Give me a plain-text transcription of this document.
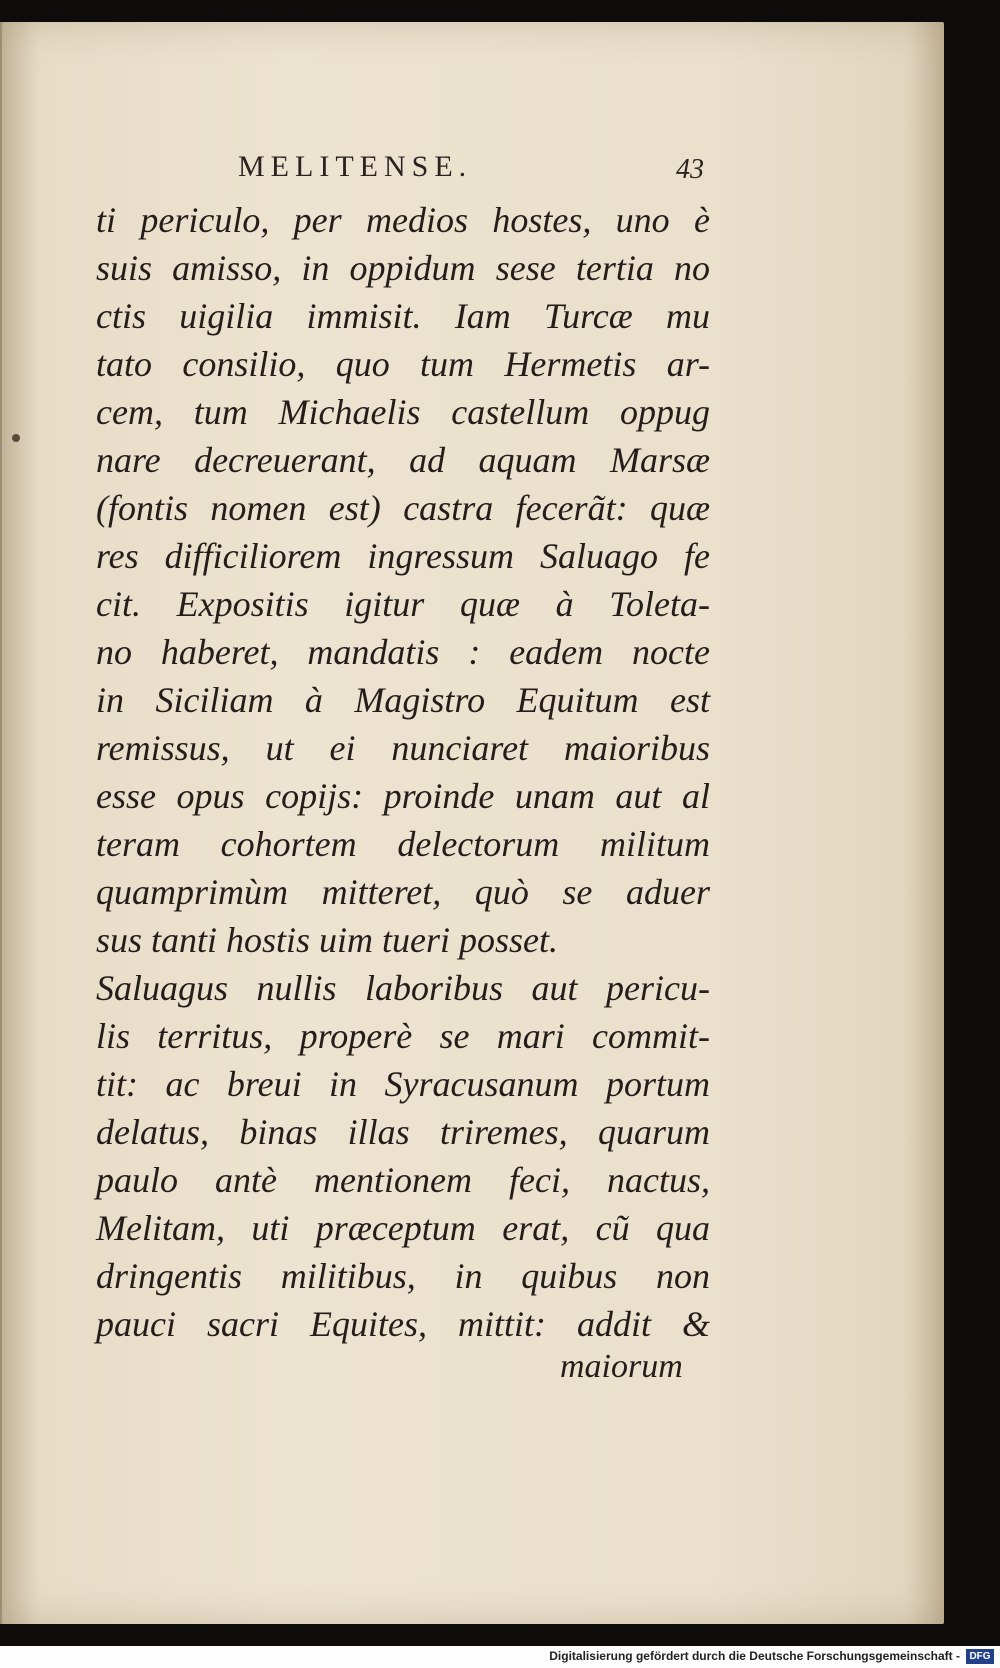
MELITENSE.	43
ti periculo, per medios hostes, uno è
suis amisso, in oppidum sese tertia no
ctis uigilia immisit. Iam Turcæ mu
tato consilio, quo tum Hermetis ar-
cem, tum Michaelis castellum oppug
nare decreuerant, ad aquam Marsæ
(fontis nomen est) castra fecerãt: quæ
res difficiliorem ingressum Saluago fe
cit. Expositis igitur quæ à Toleta-
no haberet, mandatis : eadem nocte
in Siciliam à Magistro Equitum est
remissus, ut ei nunciaret maioribus
esse opus copijs: proinde unam aut al
teram cohortem delectorum militum
quamprimùm mitteret, quò se aduer
sus tanti hostis uim tueri posset.
Saluagus nullis laboribus aut pericu-
lis territus, properè se mari commit-
tit: ac breui in Syracusanum portum
delatus, binas illas triremes, quarum
paulo antè mentionem feci, nactus,
Melitam, uti præceptum erat, cũ qua
dringentis militibus, in quibus non
pauci sacri Equites, mittit: addit &
maiorum
Digitalisierung gefördert durch die Deutsche Forschungsgemeinschaft - DFG
